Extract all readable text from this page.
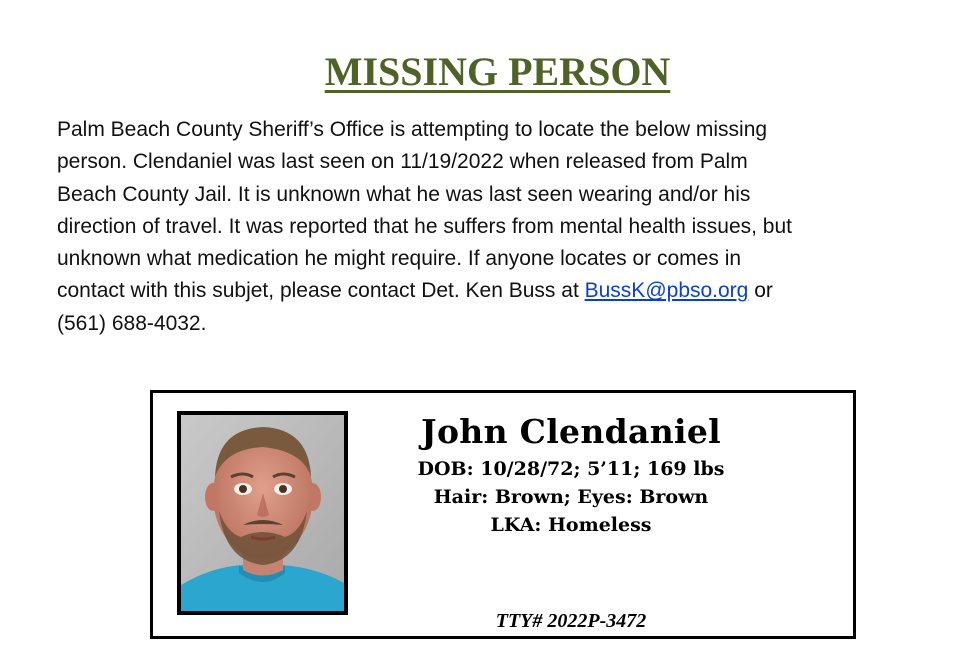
MISSING PERSON
Palm Beach County Sheriff’s Office is attempting to locate the below missing
person. Clendaniel was last seen on 11/19/2022 when released from Palm
Beach County Jail. It is unknown what he was last seen wearing and/or his
direction of travel. It was reported that he suffers from mental health issues, but
unknown what medication he might require. If anyone locates or comes in
contact with this subjet, please contact Det. Ken Buss at BussK@pbso.org or
(561) 688-4032.
John Clendaniel
DOB: 10/28/72; 5’11; 169 lbs
Hair: Brown; Eyes: Brown
LKA: Homeless
TTY# 2022P-3472
